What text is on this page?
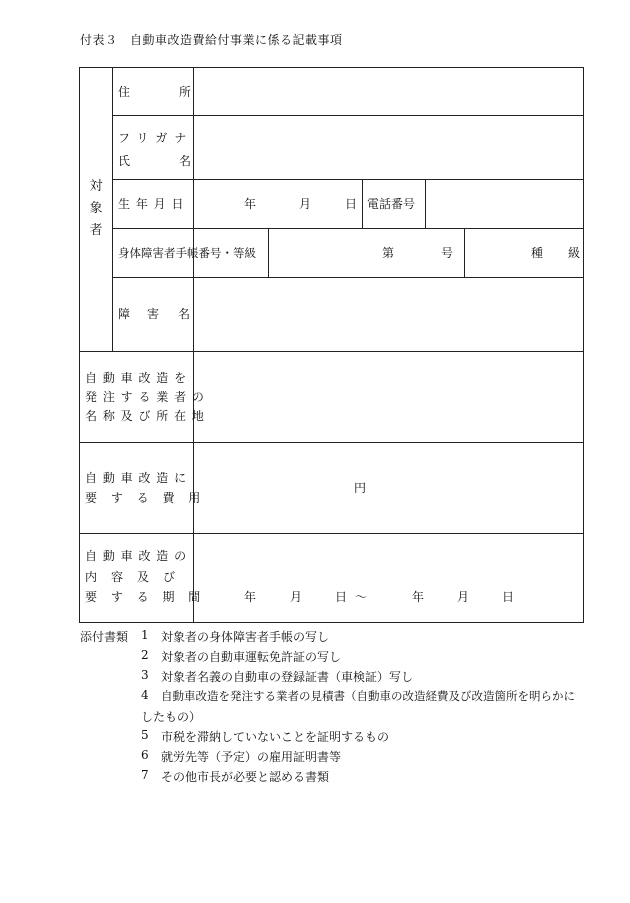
付表３　自動車改造費給付事業に係る記載事項
対
象
者
住	所
フリガナ
氏	名
生 年 月 日	年	月	日 電話番号
身体障害者手帳番号・等級	第	号	種 級
障 害 名
自 動 車 改 造 を
発 注 す る 業 者 の
名 称 及 び 所 在 地
自 動 車 改 造 に
要 す る 費 用
円
自 動 車 改 造 の
内　容　及　び
要 す る 期 間	年	月	日 ～	年	月	日
添付書類 1 対象者の身体障害者手帳の写し
2 対象者の自動車運転免許証の写し
3 対象者名義の自動車の登録証書（車検証）写し
4 自動車改造を発注する業者の見積書（自動車の改造経費及び改造箇所を明らかに
したもの）
5 市税を滞納していないことを証明するもの
6 就労先等（予定）の雇用証明書等
7 その他市長が必要と認める書類
